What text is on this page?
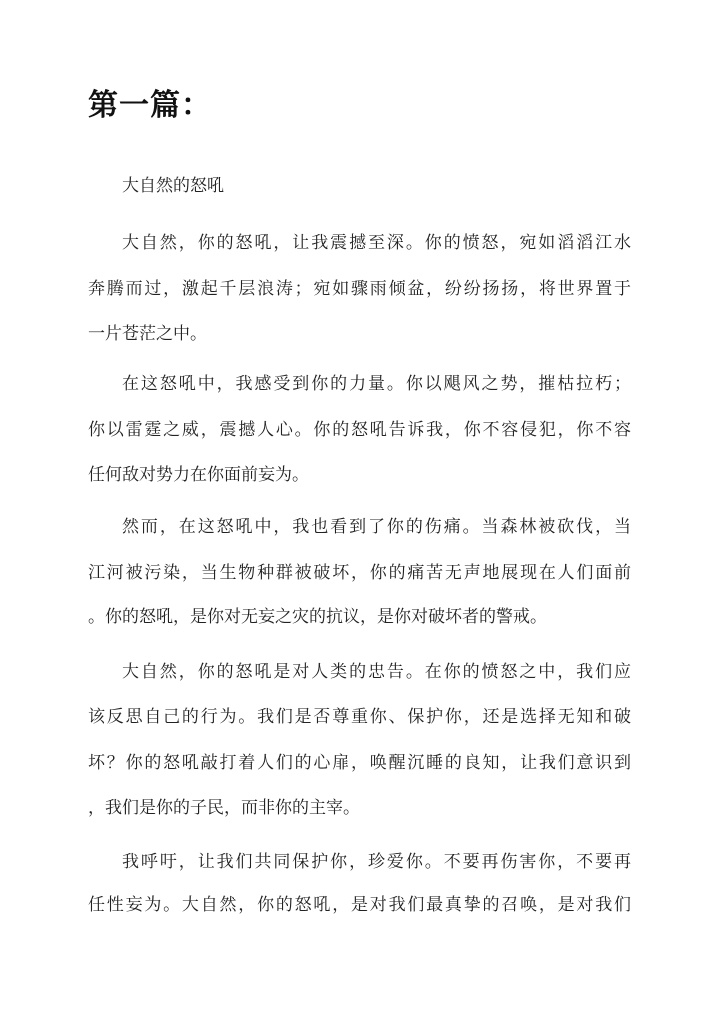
第一篇：

大自然的怒吼

大自然，你的怒吼，让我震撼至深。你的愤怒，宛如滔滔江水

奔腾而过，激起千层浪涛；宛如骤雨倾盆，纷纷扬扬，将世界置于

一片苍茫之中。

在这怒吼中，我感受到你的力量。你以飓风之势，摧枯拉朽；

你以雷霆之威，震撼人心。你的怒吼告诉我，你不容侵犯，你不容

任何敌对势力在你面前妄为。

然而，在这怒吼中，我也看到了你的伤痛。当森林被砍伐，当

江河被污染，当生物种群被破坏，你的痛苦无声地展现在人们面前

。你的怒吼，是你对无妄之灾的抗议，是你对破坏者的警戒。

大自然，你的怒吼是对人类的忠告。在你的愤怒之中，我们应

该反思自己的行为。我们是否尊重你、保护你，还是选择无知和破

坏？你的怒吼敲打着人们的心扉，唤醒沉睡的良知，让我们意识到

，我们是你的子民，而非你的主宰。

我呼吁，让我们共同保护你，珍爱你。不要再伤害你，不要再

任性妄为。大自然，你的怒吼，是对我们最真挚的召唤，是对我们
